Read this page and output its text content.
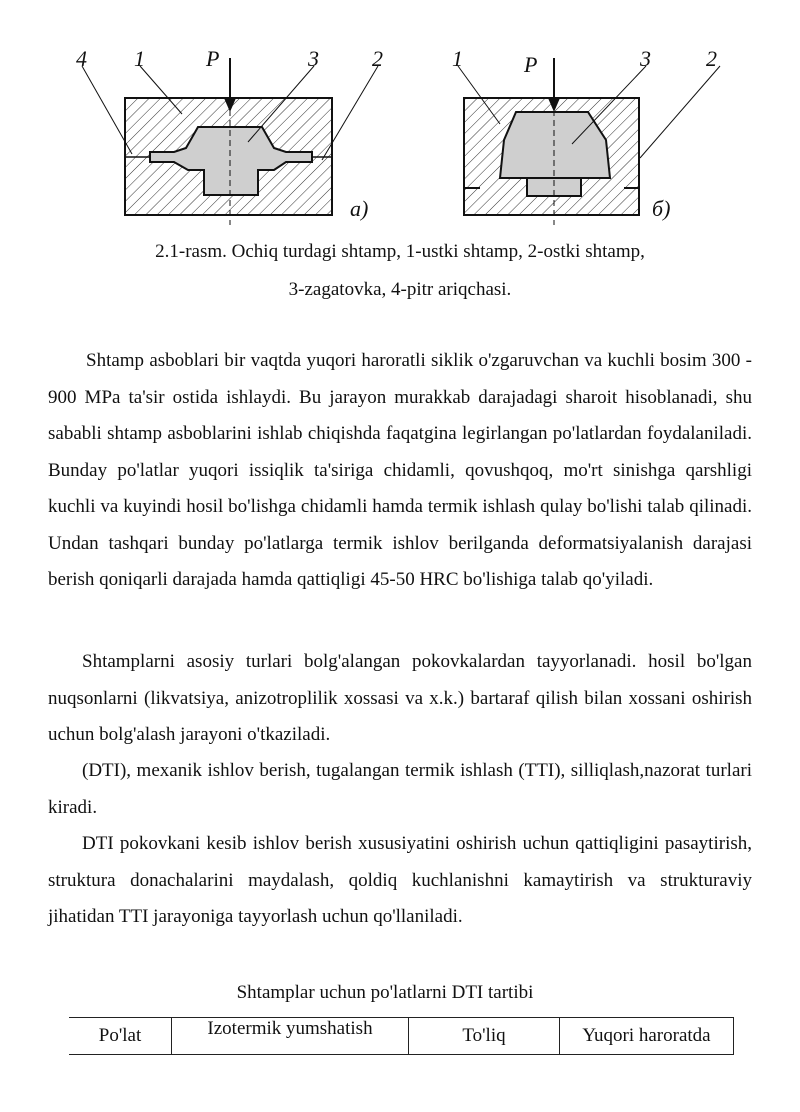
4 1	P	3 2
а)
1	P	3	2
б)
2.1-rasm. Ochiq turdagi shtamp, 1-ustki shtamp, 2-ostki shtamp,
3-zagatovka, 4-pitr ariqchasi.

Shtamp asboblari bir vaqtda yuqori haroratli siklik o'zgaruvchan va kuchli bosim 300 - 900 MPa ta'sir ostida ishlaydi. Bu jarayon murakkab darajadagi sharoit hisoblanadi, shu sababli shtamp asboblarini ishlab chiqishda faqatgina legirlangan po'latlardan foydalaniladi. Bunday po'latlar yuqori issiqlik ta'siriga chidamli, qovushqoq, mo'rt sinishga qarshligi kuchli va kuyindi hosil bo'lishga chidamli hamda termik ishlash qulay bo'lishi talab qilinadi. Undan tashqari bunday po'latlarga termik ishlov berilganda deformatsiyalanish darajasi berish qoniqarli darajada hamda qattiqligi 45-50 HRC bo'lishiga talab qo'yiladi.

Shtamplarni asosiy turlari bolg'alangan pokovkalardan tayyorlanadi. hosil bo'lgan nuqsonlarni (likvatsiya, anizotroplilik xossasi va x.k.) bartaraf qilish bilan xossani oshirish uchun bolg'alash jarayoni o'tkaziladi.

(DTI), mexanik ishlov berish, tugalangan termik ishlash (TTI), silliqlash,nazorat turlari kiradi.

DTI pokovkani kesib ishlov berish xususiyatini oshirish uchun qattiqligini pasaytirish, struktura donachalarini maydalash, qoldiq kuchlanishni kamaytirish va strukturaviy jihatidan TTI jarayoniga tayyorlash uchun qo'llaniladi.

Shtamplar uchun po'latlarni DTI tartibi
Po'lat	Izotermik yumshatish	To'liq	Yuqori haroratda
